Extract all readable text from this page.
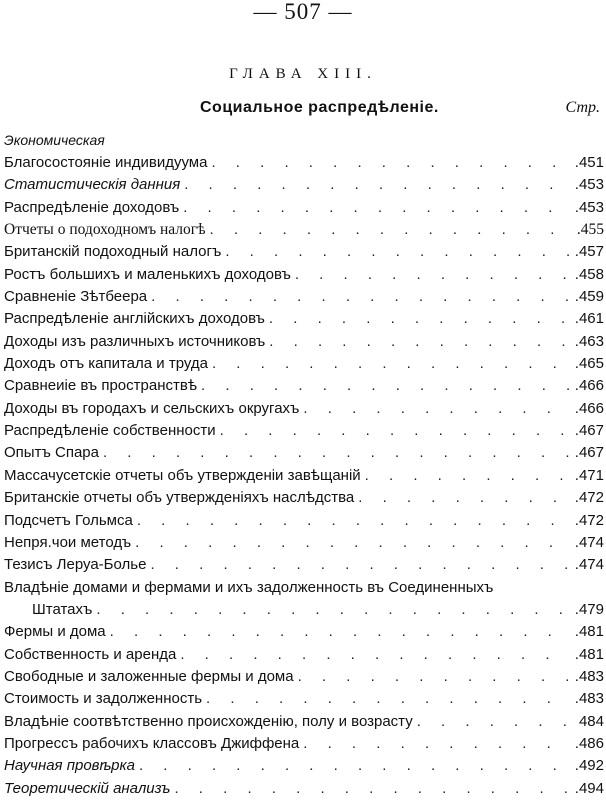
— 507 —
ГЛАВА XIII.
Социальное распредѣленіе.	Стр.
Экономическая
Благосостояніе индивидуума . . .	.451
Статистическія данния . . .	.453
Распредѣленіе доходовъ . . .	.453
Отчеты о подоходномъ налогѣ . . .	.455
Британскій подоходный налогъ . . .	.457
Ростъ большихъ и маленькихъ доходовъ . . .	.458
Сравненіе Зѣтбеера . . .	.459
Распредѣленіе англійскихъ доходовъ . . .	.461
Доходы изъ различныхъ источниковъ . . .	.463
Доходъ отъ капитала и труда . . .	.465
Сравнеиіе въ пространствѣ . . .	.466
Доходы въ городахъ и сельскихъ округахъ . . .	.466
Распредѣленіе собственности . . .	.467
Опытъ Спара . . .	.467
Массачусетскіе отчеты объ утвержденіи завѣщаній . . .	.471
Британскіе отчеты объ утвержденіяхъ наслѣдства . . .	.472
Подсчетъ Гольмса . . .	.472
Непря.чои методъ . . .	.474
Тезисъ Леруа-Болье . . .	.474
Владѣніе домами и фермами и ихъ задолженность въ Соединенныхъ
Штатахъ . . .	.479
Фермы и дома . . .	.481
Собственность и аренда . . .	.481
Свободные и заложенные фермы и дома . . .	.483
Стоимость и задолженность . . .	.483
Владѣніе соотвѣтственно происхожденію, полу и возрасту . . .	484
Прогрессъ рабочихъ классовъ Джиффена . . .	.486
Научная провѣрка . . .	.492
Теоретическій анализъ . . .	.494
